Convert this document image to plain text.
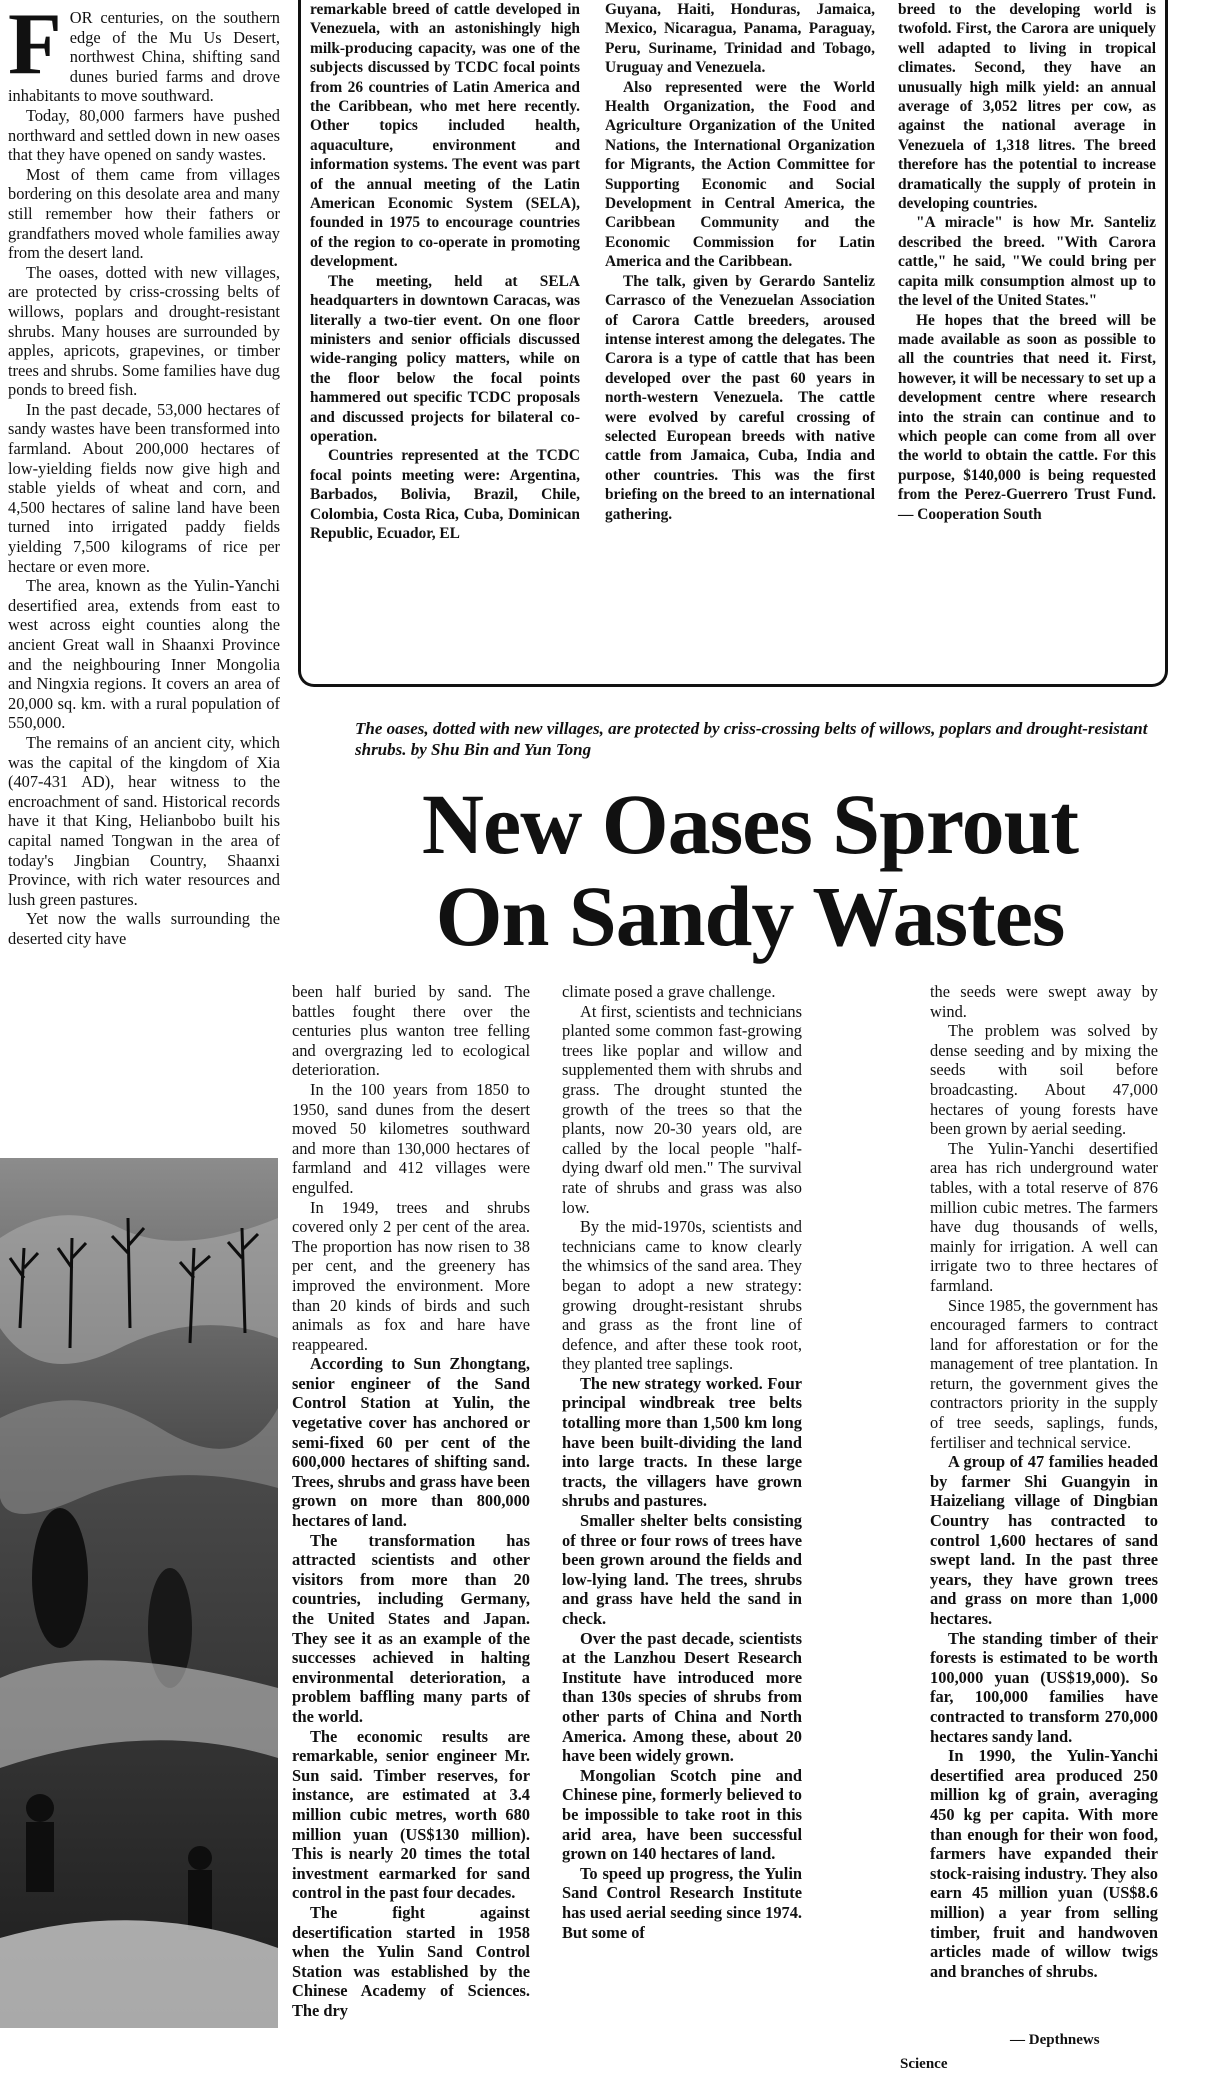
F OR centuries, on the southern edge of the Mu Us Desert, northwest China, shifting sand dunes buried farms and drove inhabitants to move southward.

Today, 80,000 farmers have pushed northward and settled down in new oases that they have opened on sandy wastes.

Most of them came from villages bordering on this desolate area and many still remember how their fathers or grandfathers moved whole families away from the desert land.

The oases, dotted with new villages, are protected by criss-crossing belts of willows, poplars and drought-resistant shrubs. Many houses are surrounded by apples, apricots, grapevines, or timber trees and shrubs. Some families have dug ponds to breed fish.

In the past decade, 53,000 hectares of sandy wastes have been transformed into farmland. About 200,000 hectares of low-yielding fields now give high and stable yields of wheat and corn, and 4,500 hectares of saline land have been turned into irrigated paddy fields yielding 7,500 kilograms of rice per hectare or even more.

The area, known as the Yulin-Yanchi desertified area, extends from east to west across eight counties along the ancient Great wall in Shaanxi Province and the neighbouring Inner Mongolia and Ningxia regions. It covers an area of 20,000 sq. km. with a rural population of 550,000.

The remains of an ancient city, which was the capital of the kingdom of Xia (407-431 AD), hear witness to the encroachment of sand. Historical records have it that King, Helianbobo built his capital named Tongwan in the area of today's Jingbian Country, Shaanxi Province, with rich water resources and lush green pastures.

Yet now the walls surrounding the deserted city have

remarkable breed of cattle developed in Venezuela, with an astonishingly high milk-producing capacity, was one of the subjects discussed by TCDC focal points from 26 countries of Latin America and the Caribbean, who met here recently. Other topics included health, aquaculture, environment and information systems. The event was part of the annual meeting of the Latin American Economic System (SELA), founded in 1975 to encourage countries of the region to co-operate in promoting development.

The meeting, held at SELA headquarters in downtown Caracas, was literally a two-tier event. On one floor ministers and senior officials discussed wide-ranging policy matters, while on the floor below the focal points hammered out specific TCDC proposals and discussed projects for bilateral co-operation.

Countries represented at the TCDC focal points meeting were: Argentina, Barbados, Bolivia, Brazil, Chile, Colombia, Costa Rica, Cuba, Dominican Republic, Ecuador, EL

Guyana, Haiti, Honduras, Jamaica, Mexico, Nicaragua, Panama, Paraguay, Peru, Suriname, Trinidad and Tobago, Uruguay and Venezuela.

Also represented were the World Health Organization, the Food and Agriculture Organization of the United Nations, the International Organization for Migrants, the Action Committee for Supporting Economic and Social Development in Central America, the Caribbean Community and the Economic Commission for Latin America and the Caribbean.

The talk, given by Gerardo Santeliz Carrasco of the Venezuelan Association of Carora Cattle breeders, aroused intense interest among the delegates. The Carora is a type of cattle that has been developed over the past 60 years in north-western Venezuela. The cattle were evolved by careful crossing of selected European breeds with native cattle from Jamaica, Cuba, India and other countries. This was the first briefing on the breed to an international gathering.

breed to the developing world is twofold. First, the Carora are uniquely well adapted to living in tropical climates. Second, they have an unusually high milk yield: an annual average of 3,052 litres per cow, as against the national average in Venezuela of 1,318 litres. The breed therefore has the potential to increase dramatically the supply of protein in developing countries.

"A miracle" is how Mr. Santeliz described the breed. "With Carora cattle," he said, "We could bring per capita milk consumption almost up to the level of the United States."

He hopes that the breed will be made available as soon as possible to all the countries that need it. First, however, it will be necessary to set up a development centre where research into the strain can continue and to which people can come from all over the world to obtain the cattle. For this purpose, $140,000 is being requested from the Perez-Guerrero Trust Fund. — Cooperation South

The oases, dotted with new villages, are protected by criss-crossing belts of willows, poplars and drought-resistant shrubs. by Shu Bin and Yun Tong
New Oases Sprout
On Sandy Wastes

been half buried by sand. The battles fought there over the centuries plus wanton tree felling and overgrazing led to ecological deterioration.

In the 100 years from 1850 to 1950, sand dunes from the desert moved 50 kilometres southward and more than 130,000 hectares of farmland and 412 villages were engulfed.

In 1949, trees and shrubs covered only 2 per cent of the area. The proportion has now risen to 38 per cent, and the greenery has improved the environment. More than 20 kinds of birds and such animals as fox and hare have reappeared.

According to Sun Zhongtang, senior engineer of the Sand Control Station at Yulin, the vegetative cover has anchored or semi-fixed 60 per cent of the 600,000 hectares of shifting sand. Trees, shrubs and grass have been grown on more than 800,000 hectares of land.

The transformation has attracted scientists and other visitors from more than 20 countries, including Germany, the United States and Japan. They see it as an example of the successes achieved in halting environmental deterioration, a problem baffling many parts of the world.

The economic results are remarkable, senior engineer Mr. Sun said. Timber reserves, for instance, are estimated at 3.4 million cubic metres, worth 680 million yuan (US$130 million). This is nearly 20 times the total investment earmarked for sand control in the past four decades.

The fight against desertification started in 1958 when the Yulin Sand Control Station was established by the Chinese Academy of Sciences. The dry

climate posed a grave challenge.

At first, scientists and technicians planted some common fast-growing trees like poplar and willow and supplemented them with shrubs and grass. The drought stunted the growth of the trees so that the plants, now 20-30 years old, are called by the local people "half-dying dwarf old men." The survival rate of shrubs and grass was also low.

By the mid-1970s, scientists and technicians came to know clearly the whimsics of the sand area. They began to adopt a new strategy: growing drought-resistant shrubs and grass as the front line of defence, and after these took root, they planted tree saplings.

The new strategy worked. Four principal windbreak tree belts totalling more than 1,500 km long have been built-dividing the land into large tracts. In these large tracts, the villagers have grown shrubs and pastures.

Smaller shelter belts consisting of three or four rows of trees have been grown around the fields and low-lying land. The trees, shrubs and grass have held the sand in check.

Over the past decade, scientists at the Lanzhou Desert Research Institute have introduced more than 130s species of shrubs from other parts of China and North America. Among these, about 20 have been widely grown.

Mongolian Scotch pine and Chinese pine, formerly believed to be impossible to take root in this arid area, have been successful grown on 140 hectares of land.

To speed up progress, the Yulin Sand Control Research Institute has used aerial seeding since 1974. But some of

the seeds were swept away by wind.

The problem was solved by dense seeding and by mixing the seeds with soil before broadcasting. About 47,000 hectares of young forests have been grown by aerial seeding.

The Yulin-Yanchi desertified area has rich underground water tables, with a total reserve of 876 million cubic metres. The farmers have dug thousands of wells, mainly for irrigation. A well can irrigate two to three hectares of farmland.

Since 1985, the government has encouraged farmers to contract land for afforestation or for the management of tree plantation. In return, the government gives the contractors priority in the supply of tree seeds, saplings, funds, fertiliser and technical service.

A group of 47 families headed by farmer Shi Guangyin in Haizeliang village of Dingbian Country has contracted to control 1,600 hectares of sand swept land. In the past three years, they have grown trees and grass on more than 1,000 hectares.

The standing timber of their forests is estimated to be worth 100,000 yuan (US$19,000). So far, 100,000 families have contracted to transform 270,000 hectares sandy land.

In 1990, the Yulin-Yanchi desertified area produced 250 million kg of grain, averaging 450 kg per capita. With more than enough for their won food, farmers have expanded their stock-raising industry. They also earn 45 million yuan (US$8.6 million) a year from selling timber, fruit and handwoven articles made of willow twigs and branches of shrubs.

— Depthnews
Science
